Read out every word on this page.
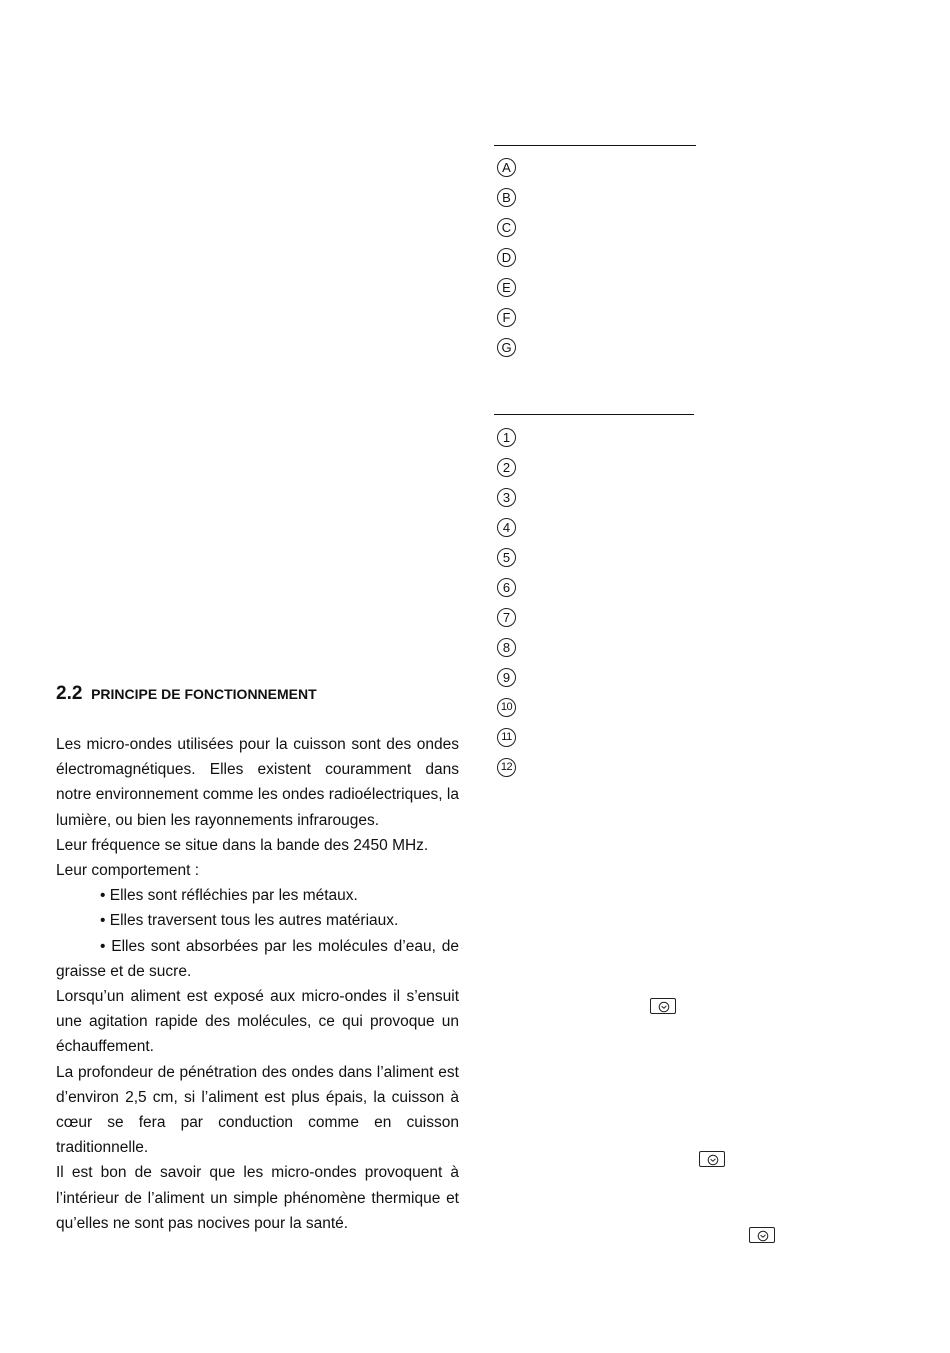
A
B
C
D
E
F
G
1
2
3
4
5
6
7
8
9
10
11
12
2.2 PRINCIPE DE FONCTIONNEMENT

Les micro-ondes utilisées pour la cuisson sont des ondes électromagnétiques. Elles existent couramment dans notre environnement comme les ondes radioélectriques, la lumière, ou bien les rayonnements infrarouges.

Leur fréquence se situe dans la bande des 2450 MHz.

Leur comportement :

• Elles sont réfléchies par les métaux.

• Elles traversent tous les autres matériaux.

• Elles sont absorbées par les molécules d’eau, de graisse et de sucre.

Lorsqu’un aliment est exposé aux micro-ondes il s’ensuit une agitation rapide des molécules, ce qui provoque un échauffement.

La profondeur de pénétration des ondes dans l’aliment est d’environ 2,5 cm, si l’aliment est plus épais, la cuisson à cœur se fera par conduction comme en cuisson traditionnelle.

Il est bon de savoir que les micro-ondes provoquent à l’intérieur de l’aliment un simple phénomène thermique et qu’elles ne sont pas nocives pour la santé.
